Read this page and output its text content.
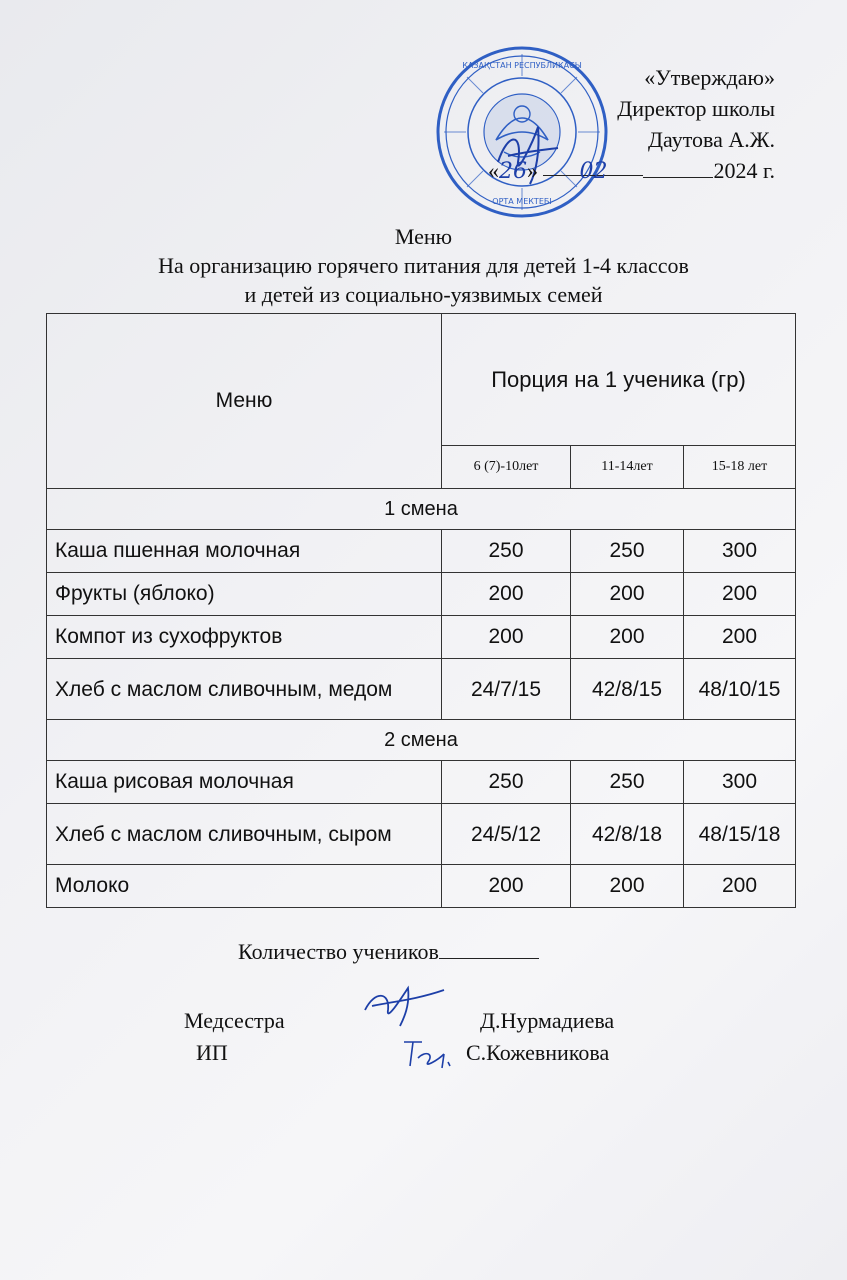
ҚАЗАҚСТАН РЕСПУБЛИКАСЫ
ОРТА МЕКТЕБІ
«Утверждаю»
Директор школы
Даутова А.Ж.
«26» 02	2024 г.
Меню
На организацию горячего питания для детей 1-4 классов
и детей из социально-уязвимых семей
Меню	Порция на 1 ученика (гр)		
	6 (7)-10лет	11-14лет	15-18 лет
1 смена			
Каша пшенная молочная	250	250	300
Фрукты (яблоко)	200	200	200
Компот из сухофруктов	200	200	200
Хлеб с маслом сливочным, медом	24/7/15	42/8/15	48/10/15
2 смена			
Каша рисовая молочная	250	250	300
Хлеб с маслом сливочным, сыром	24/5/12	42/8/18	48/15/18
Молоко	200	200	200
Количество учеников
Медсестра	Д.Нурмадиева
ИП	С.Кожевникова
